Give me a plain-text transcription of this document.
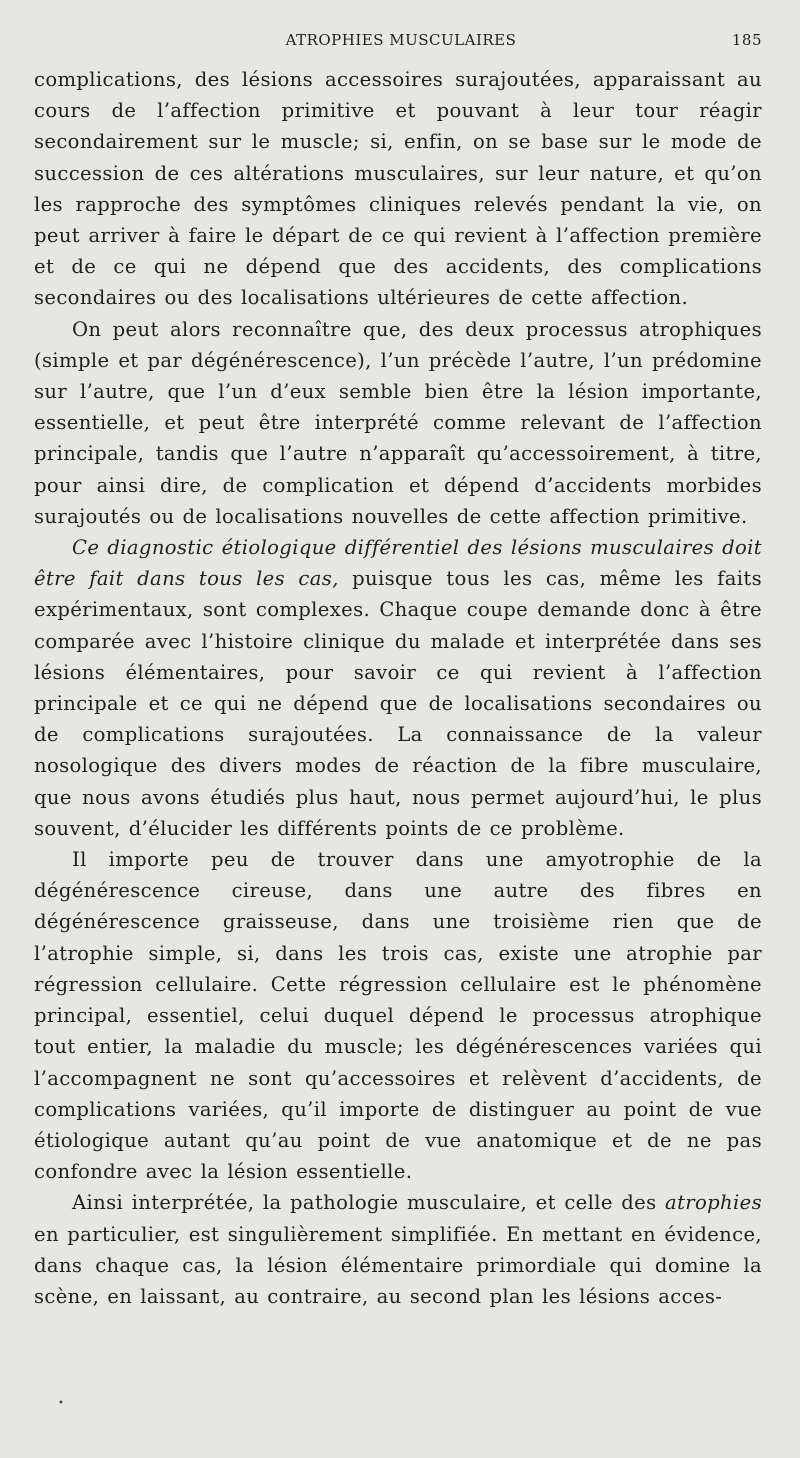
ATROPHIES MUSCULAIRES	185

complications, des lésions accessoires surajoutées, apparaissant au cours de l’affection primitive et pouvant à leur tour réagir secondairement sur le muscle; si, enfin, on se base sur le mode de succession de ces altérations musculaires, sur leur nature, et qu’on les rapproche des symptômes cliniques relevés pendant la vie, on peut arriver à faire le départ de ce qui revient à l’affection première et de ce qui ne dépend que des accidents, des complications secondaires ou des localisations ultérieures de cette affection.

On peut alors reconnaître que, des deux processus atrophiques (simple et par dégénérescence), l’un précède l’autre, l’un prédomine sur l’autre, que l’un d’eux semble bien être la lésion importante, essentielle, et peut être interprété comme relevant de l’affection principale, tandis que l’autre n’apparaît qu’accessoirement, à titre, pour ainsi dire, de complication et dépend d’accidents morbides surajoutés ou de localisations nouvelles de cette affection primitive.

Ce diagnostic étiologique différentiel des lésions musculaires doit être fait dans tous les cas, puisque tous les cas, même les faits expérimentaux, sont complexes. Chaque coupe demande donc à être comparée avec l’histoire clinique du malade et interprétée dans ses lésions élémentaires, pour savoir ce qui revient à l’affection principale et ce qui ne dépend que de localisations secondaires ou de complications surajoutées. La connaissance de la valeur nosologique des divers modes de réaction de la fibre musculaire, que nous avons étudiés plus haut, nous permet aujourd’hui, le plus souvent, d’élucider les différents points de ce problème.

Il importe peu de trouver dans une amyotrophie de la dégénérescence cireuse, dans une autre des fibres en dégénérescence graisseuse, dans une troisième rien que de l’atrophie simple, si, dans les trois cas, existe une atrophie par régression cellulaire. Cette régression cellulaire est le phénomène principal, essentiel, celui duquel dépend le processus atrophique tout entier, la maladie du muscle; les dégénérescences variées qui l’accompagnent ne sont qu’accessoires et relèvent d’accidents, de complications variées, qu’il importe de distinguer au point de vue étiologique autant qu’au point de vue anatomique et de ne pas confondre avec la lésion essentielle.

Ainsi interprétée, la pathologie musculaire, et celle des atrophies en particulier, est singulièrement simplifiée. En mettant en évidence, dans chaque cas, la lésion élémentaire primordiale qui domine la scène, en laissant, au contraire, au second plan les lésions acces-

•
